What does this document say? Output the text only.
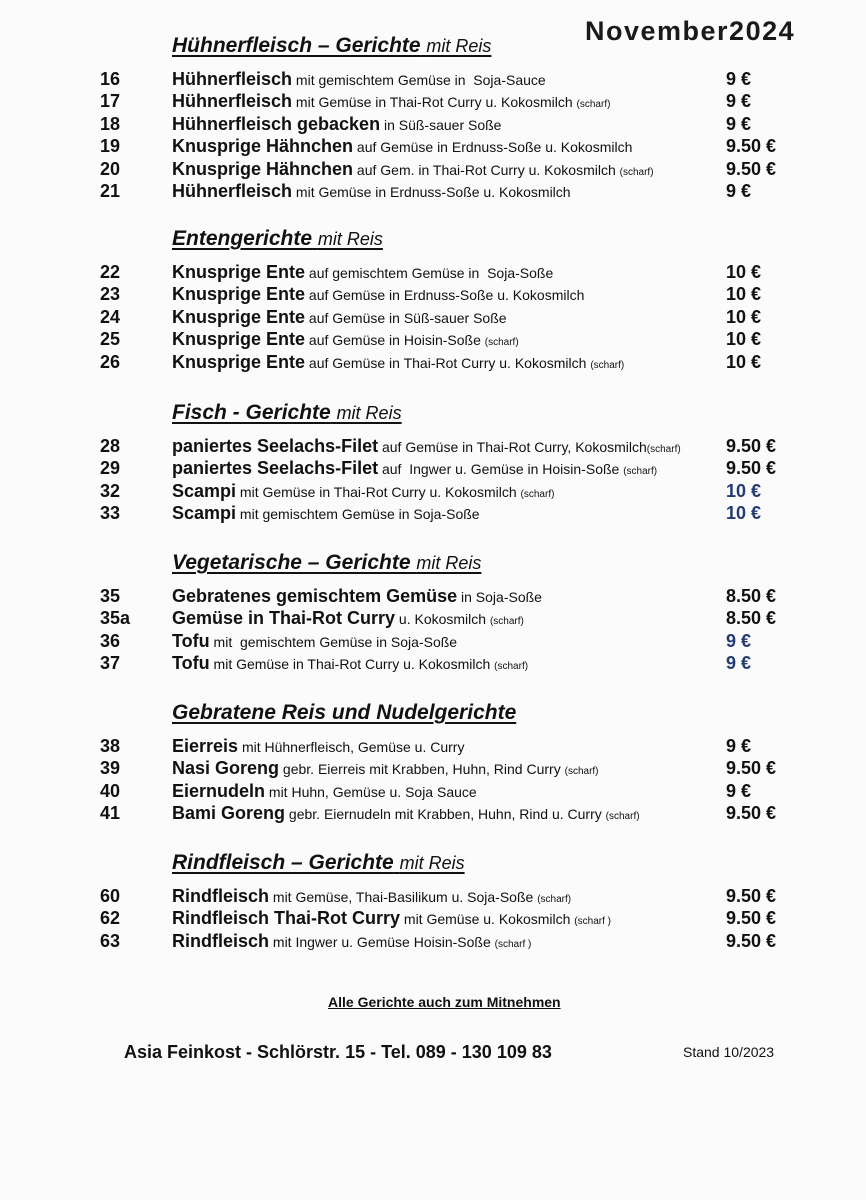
November2024
Hühnerfleisch – Gerichte mit Reis
16	Hühnerfleisch mit gemischtem Gemüse in  Soja-Sauce	9 €
17	Hühnerfleisch mit Gemüse in Thai-Rot Curry u. Kokosmilch (scharf)	9 €
18	Hühnerfleisch gebacken in Süß-sauer Soße	9 €
19	Knusprige Hähnchen auf Gemüse in Erdnuss-Soße u. Kokosmilch	9.50 €
20	Knusprige Hähnchen auf Gem. in Thai-Rot Curry u. Kokosmilch (scharf)	9.50 €
21	Hühnerfleisch mit Gemüse in Erdnuss-Soße u. Kokosmilch	9 €
Entengerichte mit Reis
22	Knusprige Ente auf gemischtem Gemüse in  Soja-Soße	10 €
23	Knusprige Ente auf Gemüse in Erdnuss-Soße u. Kokosmilch	10 €
24	Knusprige Ente auf Gemüse in Süß-sauer Soße	10 €
25	Knusprige Ente auf Gemüse in Hoisin-Soße (scharf)	10 €
26	Knusprige Ente auf Gemüse in Thai-Rot Curry u. Kokosmilch (scharf)	10 €
Fisch - Gerichte mit Reis
28	paniertes Seelachs-Filet auf Gemüse in Thai-Rot Curry, Kokosmilch(scharf)	9.50 €
29	paniertes Seelachs-Filet auf  Ingwer u. Gemüse in Hoisin-Soße (scharf)	9.50 €
32	Scampi mit Gemüse in Thai-Rot Curry u. Kokosmilch (scharf)	10 €
33	Scampi mit gemischtem Gemüse in Soja-Soße	10 €
Vegetarische – Gerichte mit Reis
35	Gebratenes gemischtem Gemüse in Soja-Soße	8.50 €
35a Gemüse in Thai-Rot Curry u. Kokosmilch (scharf)	8.50 €
36	Tofu mit  gemischtem Gemüse in Soja-Soße	9 €
37	Tofu mit Gemüse in Thai-Rot Curry u. Kokosmilch (scharf)	9 €
Gebratene Reis und Nudelgerichte
38	Eierreis mit Hühnerfleisch, Gemüse u. Curry	9 €
39	Nasi Goreng gebr. Eierreis mit Krabben, Huhn, Rind Curry (scharf)	9.50 €
40	Eiernudeln mit Huhn, Gemüse u. Soja Sauce	9 €
41	Bami Goreng gebr. Eiernudeln mit Krabben, Huhn, Rind u. Curry (scharf)	9.50 €
Rindfleisch – Gerichte mit Reis
60	Rindfleisch mit Gemüse, Thai-Basilikum u. Soja-Soße (scharf)	9.50 €
62	Rindfleisch Thai-Rot Curry mit Gemüse u. Kokosmilch (scharf )	9.50 €
63	Rindfleisch mit Ingwer u. Gemüse Hoisin-Soße (scharf )	9.50 €
Alle Gerichte auch zum Mitnehmen
Asia Feinkost - Schlörstr. 15 - Tel. 089 - 130 109 83	Stand 10/2023
